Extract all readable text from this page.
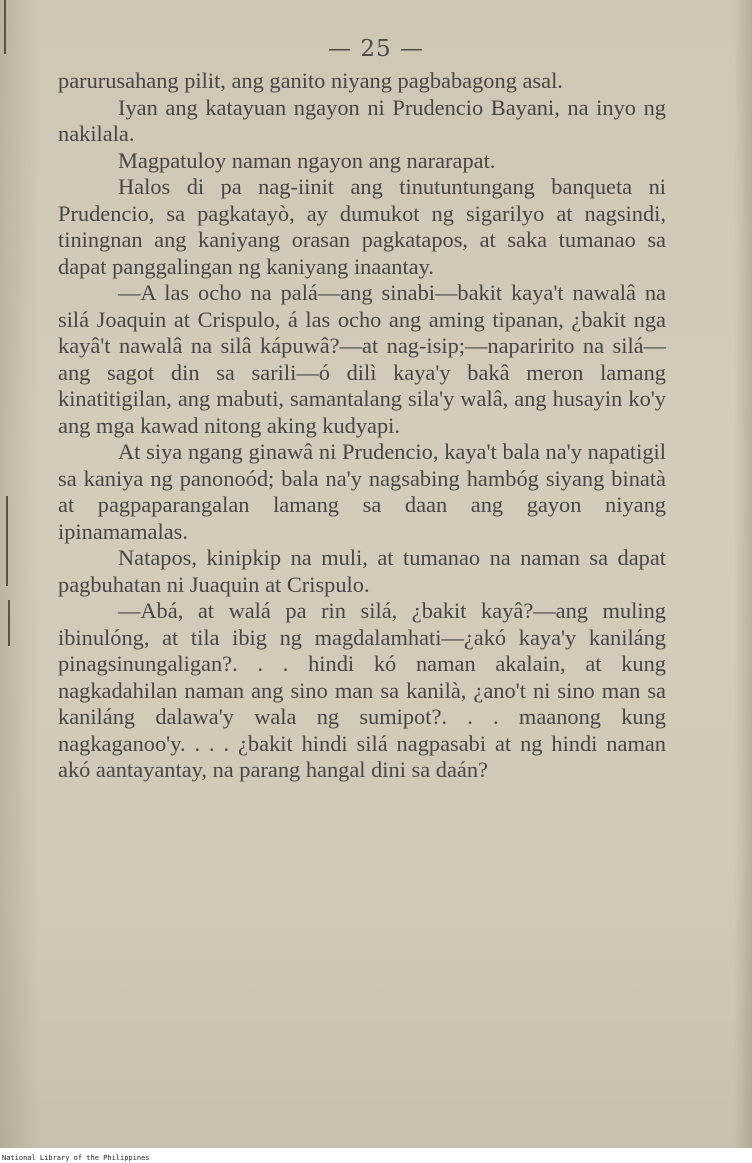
— 25 —

parurusahang pilit, ang ganito niyang pagbabagong asal.

Iyan ang katayuan ngayon ni Prudencio Bayani, na inyo ng nakilala.

Magpatuloy naman ngayon ang nararapat.

Halos di pa nag-iinit ang tinutuntungang banqueta ni Prudencio, sa pagkatayò, ay dumukot ng sigarilyo at nagsindi, tiningnan ang kaniyang orasan pagkatapos, at saka tumanao sa dapat panggalingan ng kaniyang inaantay.

—A las ocho na palá—ang sinabi—bakit kaya't nawalâ na silá Joaquin at Crispulo, á las ocho ang aming tipanan, ¿bakit nga kayâ't nawalâ na silâ kápuwâ?—at nag-isip;—naparirito na silá—ang sagot din sa sarili—ó dilì kaya'y bakâ meron lamang kinatitigilan, ang mabuti, samantalang sila'y walâ, ang husayin ko'y ang mga kawad nitong aking kudyapi.

At siya ngang ginawâ ni Prudencio, kaya't bala na'y napatigil sa kaniya ng panonoód; bala na'y nagsabing hambóg siyang binatà at pagpaparangalan lamang sa daan ang gayon niyang ipinamamalas.

Natapos, kinipkip na muli, at tumanao na naman sa dapat pagbuhatan ni Juaquin at Crispulo.

—Abá, at walá pa rin silá, ¿bakit kayâ?—ang muling ibinulóng, at tila ibig ng magdalamhati—¿akó kaya'y kaniláng pinagsinungaligan?. . . hindi kó naman akalain, at kung nagkadahilan naman ang sino man sa kanilà, ¿ano't ni sino man sa kaniláng dalawa'y wala ng sumipot?. . . maanong kung nagkaganoo'y. . . . ¿bakit hindi silá nagpasabi at ng hindi naman akó aantayantay, na parang hangal dini sa daán?

National Library of the Philippines
